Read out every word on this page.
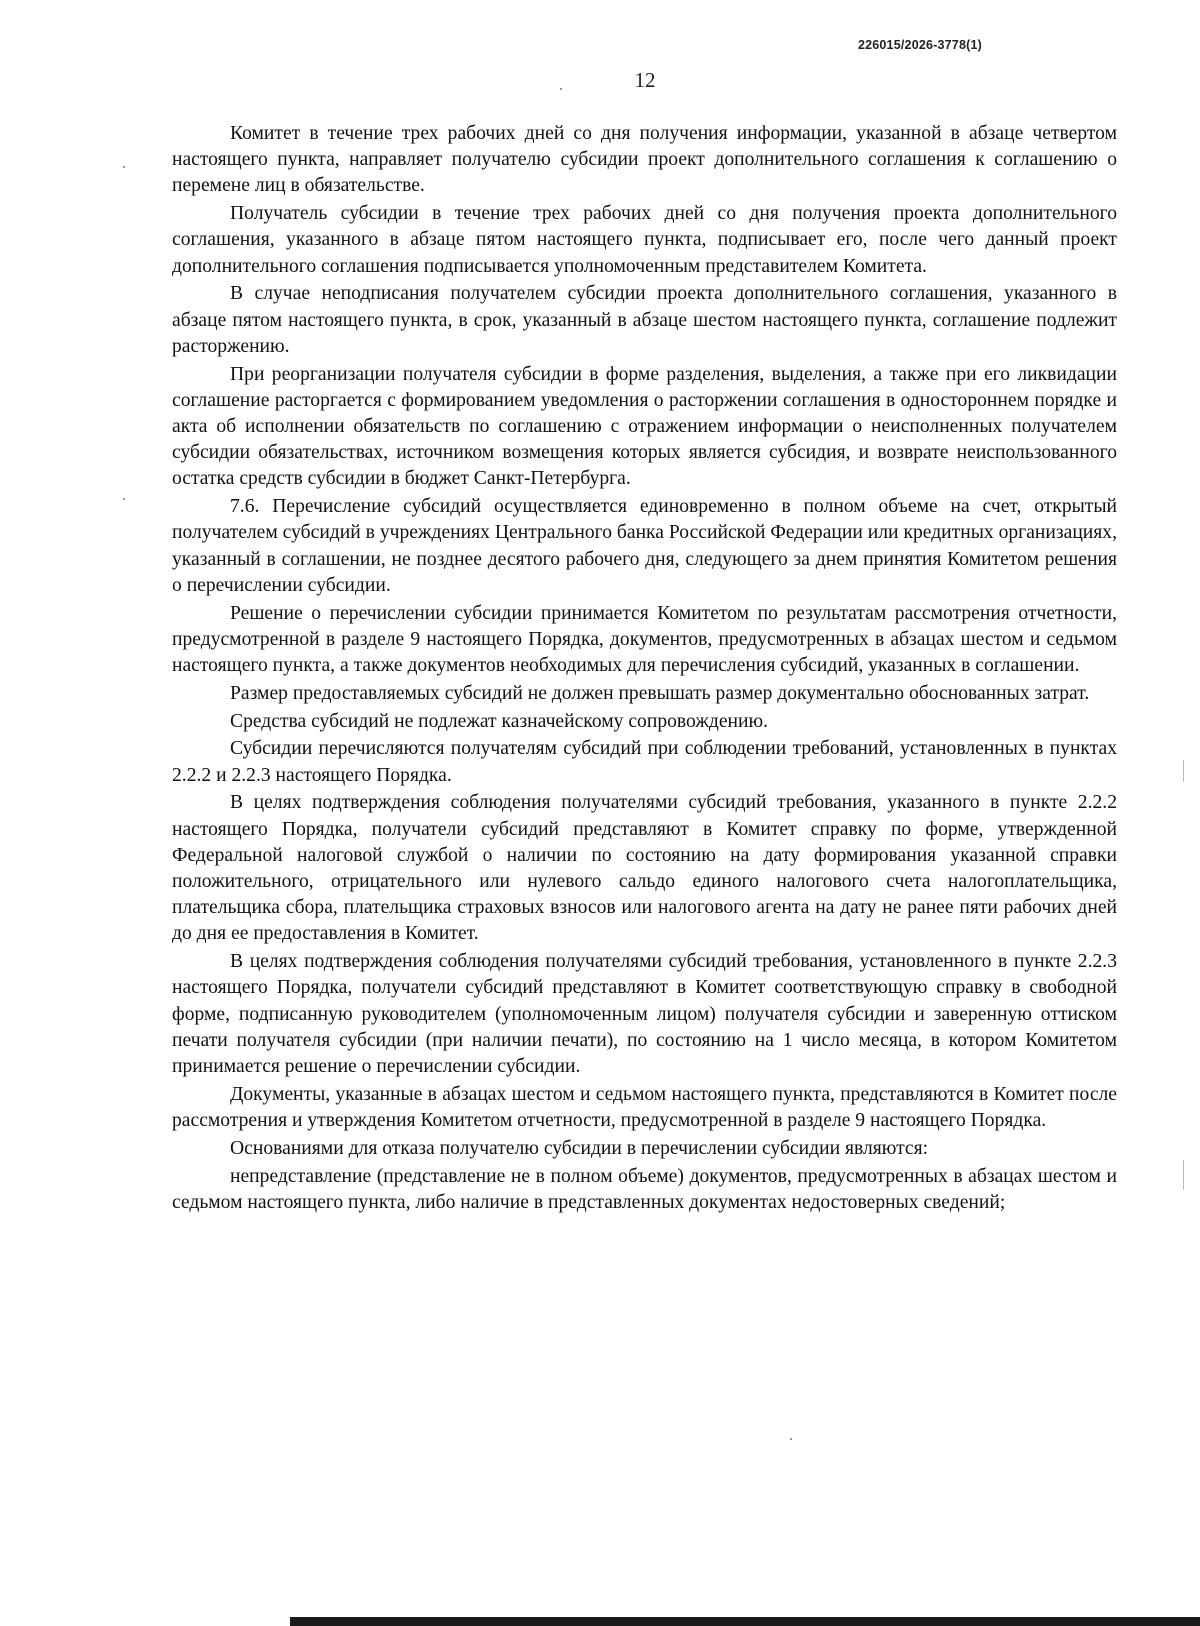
226015/2026-3778(1)
12

Комитет в течение трех рабочих дней со дня получения информации, указанной в абзаце четвертом настоящего пункта, направляет получателю субсидии проект дополнительного соглашения к соглашению о перемене лиц в обязательстве.

Получатель субсидии в течение трех рабочих дней со дня получения проекта дополнительного соглашения, указанного в абзаце пятом настоящего пункта, подписывает его, после чего данный проект дополнительного соглашения подписывается уполномоченным представителем Комитета.

В случае неподписания получателем субсидии проекта дополнительного соглашения, указанного в абзаце пятом настоящего пункта, в срок, указанный в абзаце шестом настоящего пункта, соглашение подлежит расторжению.

При реорганизации получателя субсидии в форме разделения, выделения, а также при его ликвидации соглашение расторгается с формированием уведомления о расторжении соглашения в одностороннем порядке и акта об исполнении обязательств по соглашению с отражением информации о неисполненных получателем субсидии обязательствах, источником возмещения которых является субсидия, и возврате неиспользованного остатка средств субсидии в бюджет Санкт-Петербурга.

7.6. Перечисление субсидий осуществляется единовременно в полном объеме на счет, открытый получателем субсидий в учреждениях Центрального банка Российской Федерации или кредитных организациях, указанный в соглашении, не позднее десятого рабочего дня, следующего за днем принятия Комитетом решения о перечислении субсидии.

Решение о перечислении субсидии принимается Комитетом по результатам рассмотрения отчетности, предусмотренной в разделе 9 настоящего Порядка, документов, предусмотренных в абзацах шестом и седьмом настоящего пункта, а также документов необходимых для перечисления субсидий, указанных в соглашении.

Размер предоставляемых субсидий не должен превышать размер документально обоснованных затрат.

Средства субсидий не подлежат казначейскому сопровождению.

Субсидии перечисляются получателям субсидий при соблюдении требований, установленных в пунктах 2.2.2 и 2.2.3 настоящего Порядка.

В целях подтверждения соблюдения получателями субсидий требования, указанного в пункте 2.2.2 настоящего Порядка, получатели субсидий представляют в Комитет справку по форме, утвержденной Федеральной налоговой службой о наличии по состоянию на дату формирования указанной справки положительного, отрицательного или нулевого сальдо единого налогового счета налогоплательщика, плательщика сбора, плательщика страховых взносов или налогового агента на дату не ранее пяти рабочих дней до дня ее предоставления в Комитет.

В целях подтверждения соблюдения получателями субсидий требования, установленного в пункте 2.2.3 настоящего Порядка, получатели субсидий представляют в Комитет соответствующую справку в свободной форме, подписанную руководителем (уполномоченным лицом) получателя субсидии и заверенную оттиском печати получателя субсидии (при наличии печати), по состоянию на 1 число месяца, в котором Комитетом принимается решение о перечислении субсидии.

Документы, указанные в абзацах шестом и седьмом настоящего пункта, представляются в Комитет после рассмотрения и утверждения Комитетом отчетности, предусмотренной в разделе 9 настоящего Порядка.

Основаниями для отказа получателю субсидии в перечислении субсидии являются:

непредставление (представление не в полном объеме) документов, предусмотренных в абзацах шестом и седьмом настоящего пункта, либо наличие в представленных документах недостоверных сведений;
